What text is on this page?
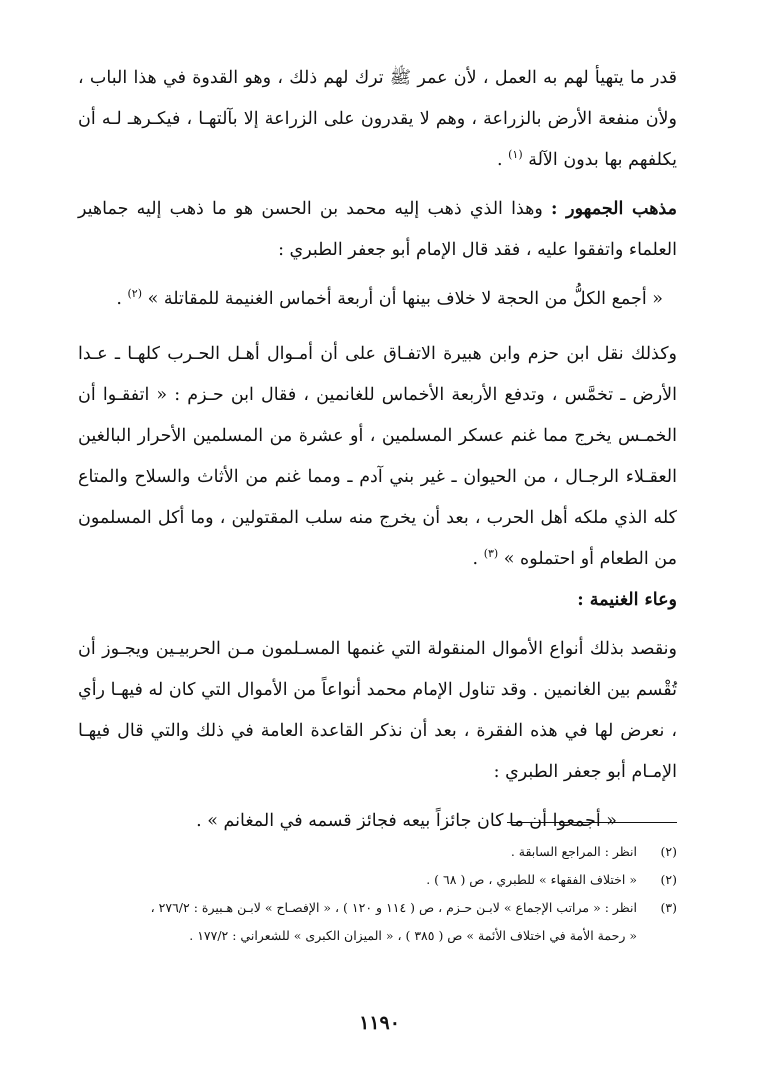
قدر ما يتهيأ لهم به العمل ، لأن عمر ﷺ ترك لهم ذلك ، وهو القدوة في هذا الباب ، ولأن منفعة الأرض بالزراعة ، وهم لا يقدرون على الزراعة إلا بآلتهـا ، فيكـرهـ لـه أن يكلفهم بها بدون الآلة $^{(١)}$ .

مذهب الجمهور : وهذا الذي ذهب إليه محمد بن الحسن هو ما ذهب إليه جماهير العلماء واتفقوا عليه ، فقد قال الإمام أبو جعفر الطبري :

« أجمع الكلُّ من الحجة لا خلاف بينها أن أربعة أخماس الغنيمة للمقاتلة » $^{(٢)}$ .

وكذلك نقل ابن حزم وابن هبيرة الاتفـاق على أن أمـوال أهـل الحـرب كلهـا ـ عـدا الأرض ـ تخمَّس ، وتدفع الأربعة الأخماس للغانمين ، فقال ابن حـزم : « اتفقـوا أن الخمـس يخرج مما غنم عسكر المسلمين ، أو عشرة من المسلمين الأحرار البالغين العقـلاء الرجـال ، من الحيوان ـ غير بني آدم ـ ومما غنم من الأثاث والسلاح والمتاع كله الذي ملكه أهل الحرب ، بعد أن يخرج منه سلب المقتولين ، وما أكل المسلمون من الطعام أو احتملوه » $^{(٣)}$ .

وعاء الغنيمة :

ونقصد بذلك أنواع الأموال المنقولة التي غنمها المسـلمون مـن الحربيـين ويجـوز أن تُقْسم بين الغانمين . وقد تناول الإمام محمد أنواعاً من الأموال التي كان له فيهـا رأي ، نعرض لها في هذه الفقرة ، بعد أن نذكر القاعدة العامة في ذلك والتي قال فيهـا الإمـام أبو جعفر الطبري :

« أجمعوا أن ما كان جائزاً بيعه فجائز قسمه في المغانم » .

(٢)
انظر : المراجع السابقة .
(٢)
« اختلاف الفقهاء » للطبري ، ص ( ٦٨ ) .
(٣)
انظر : « مراتب الإجماع » لابـن حـزم ، ص ( ١١٤ و ١٢٠ ) ، « الإفصـاح » لابـن هـبيرة : ٢٧٦/٢ ،
« رحمة الأمة في اختلاف الأئمة » ص ( ٣٨٥ ) ، « الميزان الكبرى » للشعراني : ١٧٧/٢ .
١١٩٠
